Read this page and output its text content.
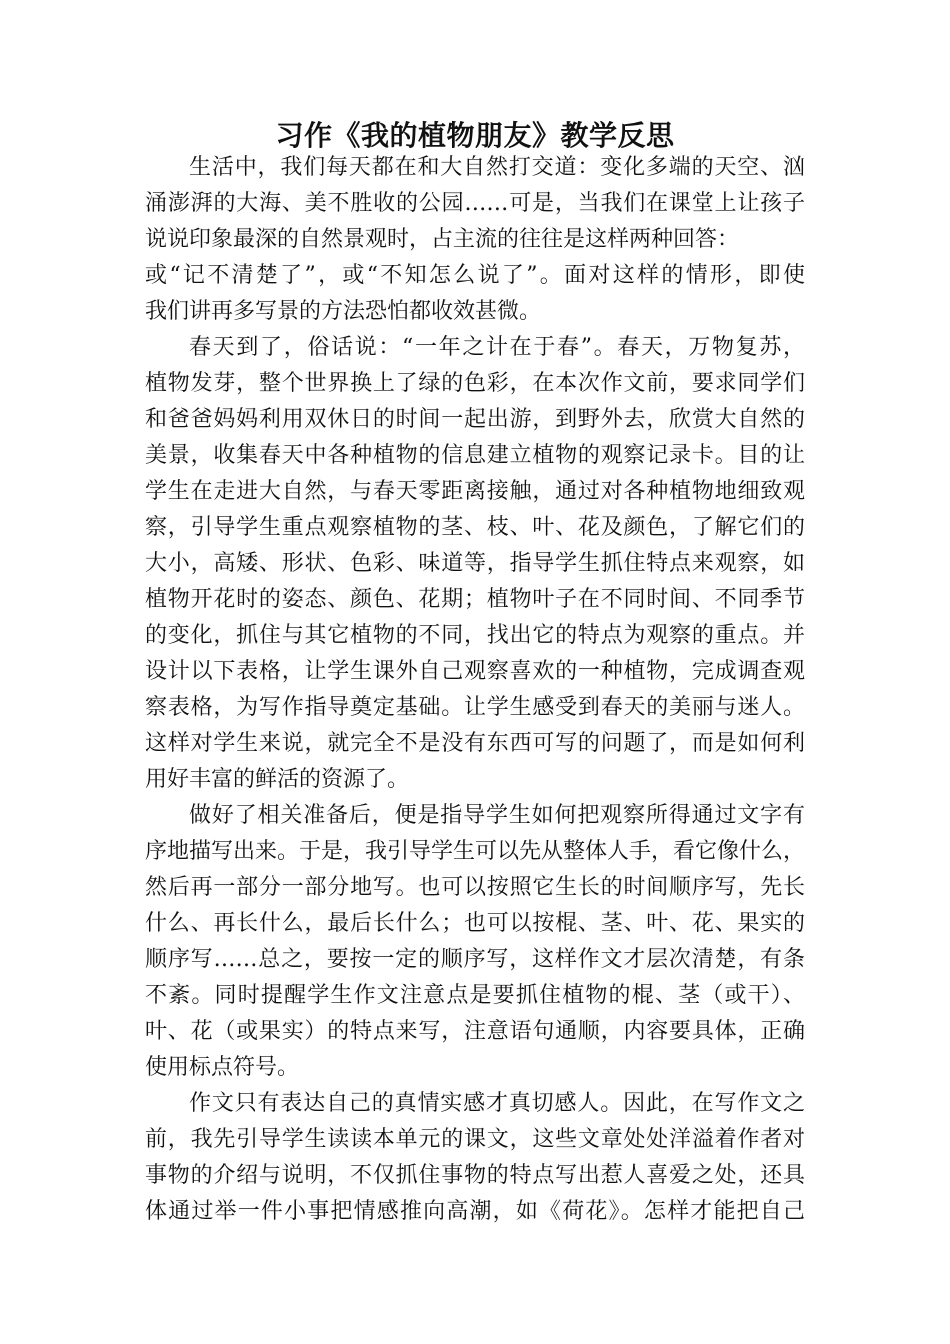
习作《我的植物朋友》教学反思
生活中，我们每天都在和大自然打交道：变化多端的天空、汹
涌澎湃的大海、美不胜收的公园……可是，当我们在课堂上让孩子
说说印象最深的自然景观时，占主流的往往是这样两种回答：
或“记不清楚了”，或“不知怎么说了”。面对这样的情形，即使
我们讲再多写景的方法恐怕都收效甚微。
春天到了，俗话说：“一年之计在于春”。春天，万物复苏，
植物发芽，整个世界换上了绿的色彩，在本次作文前，要求同学们
和爸爸妈妈利用双休日的时间一起出游，到野外去，欣赏大自然的
美景，收集春天中各种植物的信息建立植物的观察记录卡。目的让
学生在走进大自然，与春天零距离接触，通过对各种植物地细致观
察，引导学生重点观察植物的茎、枝、叶、花及颜色，了解它们的
大小，高矮、形状、色彩、味道等，指导学生抓住特点来观察，如
植物开花时的姿态、颜色、花期；植物叶子在不同时间、不同季节
的变化，抓住与其它植物的不同，找出它的特点为观察的重点。并
设计以下表格，让学生课外自己观察喜欢的一种植物，完成调查观
察表格，为写作指导奠定基础。让学生感受到春天的美丽与迷人。
这样对学生来说，就完全不是没有东西可写的问题了，而是如何利
用好丰富的鲜活的资源了。
做好了相关准备后，便是指导学生如何把观察所得通过文字有
序地描写出来。于是，我引导学生可以先从整体人手，看它像什么，
然后再一部分一部分地写。也可以按照它生长的时间顺序写，先长
什么、再长什么，最后长什么；也可以按棍、茎、叶、花、果实的
顺序写……总之，要按一定的顺序写，这样作文才层次清楚，有条
不紊。同时提醒学生作文注意点是要抓住植物的棍、茎（或干）、
叶、花（或果实）的特点来写，注意语句通顺，内容要具体，正确
使用标点符号。
作文只有表达自己的真情实感才真切感人。因此，在写作文之
前，我先引导学生读读本单元的课文，这些文章处处洋溢着作者对
事物的介绍与说明，不仅抓住事物的特点写出惹人喜爱之处，还具
体通过举一件小事把情感推向高潮，如《荷花》。怎样才能把自己
